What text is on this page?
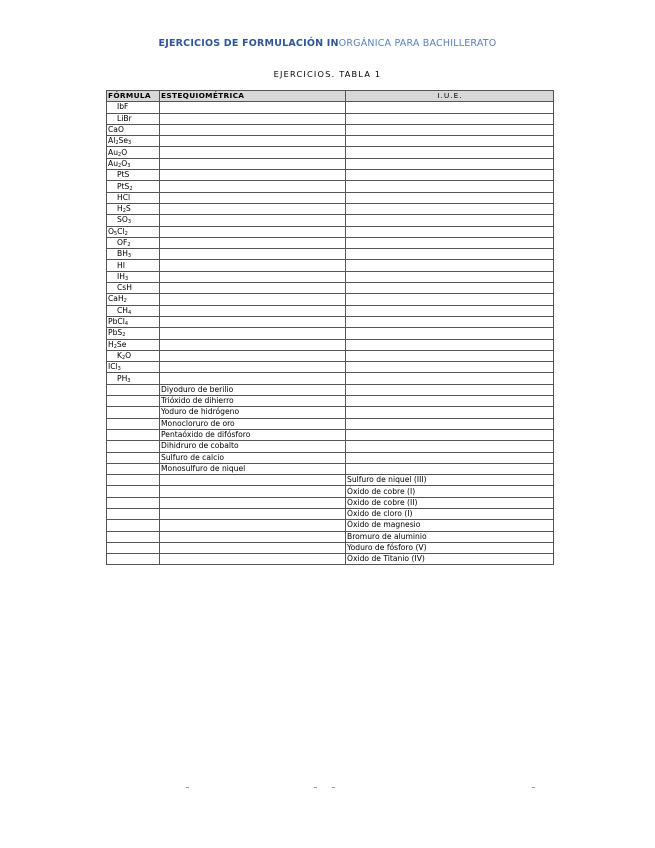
EJERCICIOS DE FORMULACIÓN INORGÁNICA PARA BACHILLERATO
EJERCICIOS. TABLA 1
FÓRMULA	ESTEQUIOMÉTRICA	I.U.E.
IbF		
LiBr		
CaO		
$Al_2Se_3$		
$Au_2O$		
$Au_2O_3$		
PtS		
PtS$_2$		
HCl		
$H_2S$		
$SO_3$		
$O_5Cl_2$		
$OF_2$		
$BH_3$		
HI		
$IH_3$		
CsH		
CaH$_2$		
$CH_4$		
PbCl$_4$		
PbS$_2$		
$H_2Se$		
$K_2O$		
ICl$_3$		
$PH_3$		
	Diyoduro de berilio	
	Trióxido de dihierro	
	Yoduro de hidrógeno	
	Monocloruro de oro	
	Pentaóxido de difósforo	
	Dihidruro de cobalto	
	Sulfuro de calcio	
	Monosulfuro de niquel	
		Sulfuro de niquel (III)
		Óxido de cobre (I)
		Óxido de cobre (II)
		Óxido de cloro (I)
		Óxido de magnesio
		Bromuro de aluminio
		Yoduro de fósforo (V)
		Óxido de Titanio (IV)
